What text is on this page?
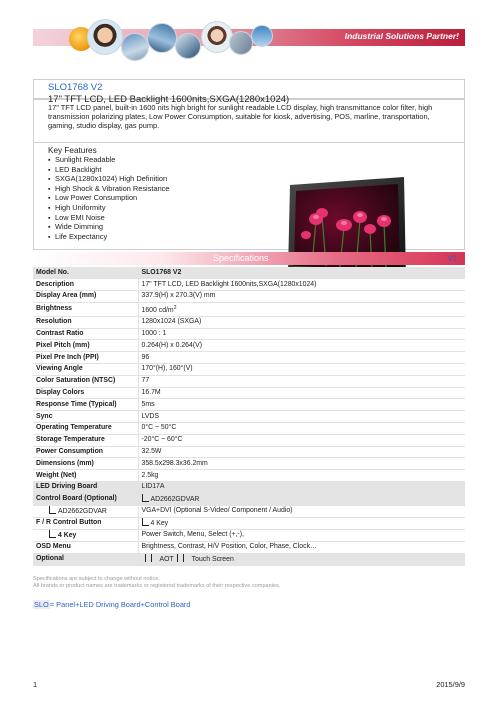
Industrial Solutions Partner!
SLO1768 V2
17" TFT LCD, LED Backlight 1600nits,SXGA(1280x1024)
17" TFT LCD panel, built-in 1600 nits high bright for sunlight readable LCD display, high transmittance color filter, high transmission polarizing plates, Low Power Consumption, suitable for kiosk, advertising, POS, marline, transportation, gaming, studio display, gas pump.
Key Features
▪ Sunlight Readable
▪ LED Backlight
▪ SXGA(1280x1024) High Definition
▪ High Shock & Vibration Resistance
▪ Low Power Consumption
▪ High Uniformity
▪ Low EMI Noise
▪ Wide Dimming
▪ Life Expectancy
Specifications	V1
Model No.	SLO1768 V2
Description	17" TFT LCD, LED Backlight 1600nits,SXGA(1280x1024)
Display Area (mm)	337.9(H) x 270.3(V) mm
Brightness	1600 $cd/m^2$
Resolution	1280x1024 (SXGA)
Contrast Ratio	1000 : 1
Pixel Pitch (mm)	0.264(H) x 0.264(V)
Pixel Pre Inch (PPI)	96
Viewing Angle	170°(H), 160°(V)
Color Saturation (NTSC)	77
Display Colors	16.7M
Response Time (Typical)	5ms
Sync	LVDS
Operating Temperature	0°C ~ 50°C
Storage Temperature	-20°C ~ 60°C
Power Consumption	32.5W
Dimensions (mm)	358.5x298.3x36.2mm
Weight (Net)	2.5kg
LED Driving Board	LID17A
Control Board (Optional)	AD2662GDVAR
AD2662GDVAR	VGA+DVI (Optional S-Video/ Component / Audio)
F / R Control Button	4 Key
4 Key	Power Switch, Menu, Select (+,-),
OSD Menu	Brightness, Contrast, H/V Position, Color, Phase, Clock…
Optional	AOT Touch Screen
Specifications are subject to change without notice.
All brands or product names are trademarks or registered trademarks of their respective companies.
SLO= Panel+LED Driving Board+Control Board
1	2015/9/9
